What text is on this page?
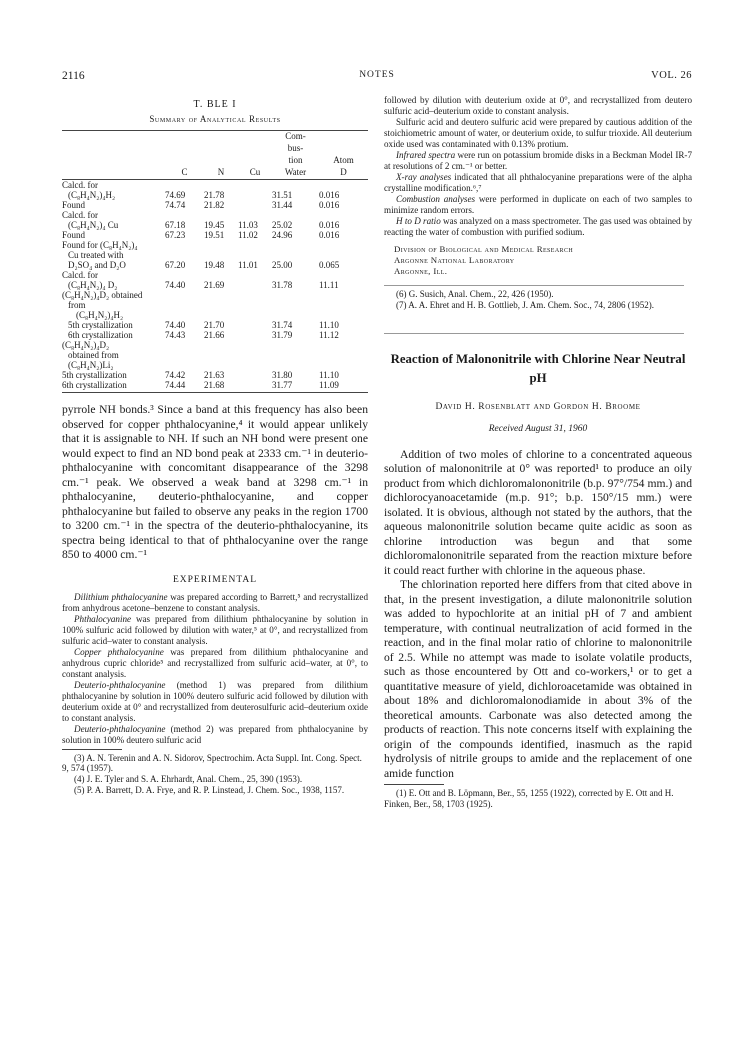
2116	NOTES	VOL. 26
T. BLE I
Summary of Analytical Results
				Com-	
				bus-	
				tion	Atom
	C	N	Cu	Water	D
Calcd. for					
(C₈H₄N₂)₄H₂	74.69	21.78		31.51	0.016
Found	74.74	21.82		31.44	0.016
Calcd. for					
(C₈H₄N₂)₄ Cu	67.18	19.45	11.03	25.02	0.016
Found	67.23	19.51	11.02	24.96	0.016
Found for (C₈H₄N₂)₄					
Cu treated with					
D₂SO₄ and D₂O	67.20	19.48	11.01	25.00	0.065
Calcd. for					
(C₈H₄N₂)₄ D₂	74.40	21.69		31.78	11.11
(C₈H₄N₂)₄D₂ obtained					
from					
(C₈H₄N₂)₄H₂					
5th crystallization	74.40	21.70		31.74	11.10
6th crystallization	74.43	21.66		31.79	11.12
(C₈H₄N₂)₄D₂					
obtained from					
(C₈H₄N₂)Li₂					
5th crystallization	74.42	21.63		31.80	11.10
6th crystallization	74.44	21.68		31.77	11.09

pyrrole NH bonds.³ Since a band at this frequency has also been observed for copper phthalocyanine,⁴ it would appear unlikely that it is assignable to NH. If such an NH bond were present one would expect to find an ND bond peak at 2333 cm.⁻¹ in deuterio-phthalocyanine with concomitant disappearance of the 3298 cm.⁻¹ peak. We observed a weak band at 3298 cm.⁻¹ in phthalocyanine, deuterio-phthalocyanine, and copper phthalocyanine but failed to observe any peaks in the region 1700 to 3200 cm.⁻¹ in the spectra of the deuterio-phthalocyanine, its spectra being identical to that of phthalocyanine over the range 850 to 4000 cm.⁻¹

EXPERIMENTAL

Dilithium phthalocyanine was prepared according to Barrett,⁵ and recrystallized from anhydrous acetone–benzene to constant analysis.

Phthalocyanine was prepared from dilithium phthalocyanine by solution in 100% sulfuric acid followed by dilution with water,⁵ at 0°, and recrystallized from sulfuric acid–water to constant analysis.

Copper phthalocyanine was prepared from dilithium phthalocyanine and anhydrous cupric chloride⁵ and recrystallized from sulfuric acid–water, at 0°, to constant analysis.

Deuterio-phthalocyanine (method 1) was prepared from dilithium phthalocyanine by solution in 100% deutero sulfuric acid followed by dilution with deuterium oxide at 0° and recrystallized from deuterosulfuric acid–deuterium oxide to constant analysis.

Deuterio-phthalocyanine (method 2) was prepared from phthalocyanine by solution in 100% deutero sulfuric acid

(3) A. N. Terenin and A. N. Sidorov, Spectrochim. Acta Suppl. Int. Cong. Spect. 9, 574 (1957).

(4) J. E. Tyler and S. A. Ehrhardt, Anal. Chem., 25, 390 (1953).

(5) P. A. Barrett, D. A. Frye, and R. P. Linstead, J. Chem. Soc., 1938, 1157.

followed by dilution with deuterium oxide at 0°, and recrystallized from deutero sulfuric acid–deuterium oxide to constant analysis.

Sulfuric acid and deutero sulfuric acid were prepared by cautious addition of the stoichiometric amount of water, or deuterium oxide, to sulfur trioxide. All deuterium oxide used was contaminated with 0.13% protium.

Infrared spectra were run on potassium bromide disks in a Beckman Model IR-7 at resolutions of 2 cm.⁻¹ or better.

X-ray analyses indicated that all phthalocyanine preparations were of the alpha crystalline modification.⁶,⁷

Combustion analyses were performed in duplicate on each of two samples to minimize random errors.

H to D ratio was analyzed on a mass spectrometer. The gas used was obtained by reacting the water of combustion with purified sodium.

Division of Biological and Medical Research
Argonne National Laboratory
Argonne, Ill.

(6) G. Susich, Anal. Chem., 22, 426 (1950).

(7) A. A. Ehret and H. B. Gottlieb, J. Am. Chem. Soc., 74, 2806 (1952).

Reaction of Malononitrile with Chlorine Near Neutral pH

David H. Rosenblatt and Gordon H. Broome

Received August 31, 1960

Addition of two moles of chlorine to a concentrated aqueous solution of malononitrile at 0° was reported¹ to produce an oily product from which dichloromalononitrile (b.p. 97°/754 mm.) and dichlorocyanoacetamide (m.p. 91°; b.p. 150°/15 mm.) were isolated. It is obvious, although not stated by the authors, that the aqueous malononitrile solution became quite acidic as soon as chlorine introduction was begun and that some dichloromalononitrile separated from the reaction mixture before it could react further with chlorine in the aqueous phase.

The chlorination reported here differs from that cited above in that, in the present investigation, a dilute malononitrile solution was added to hypochlorite at an initial pH of 7 and ambient temperature, with continual neutralization of acid formed in the reaction, and in the final molar ratio of chlorine to malononitrile of 2.5. While no attempt was made to isolate volatile products, such as those encountered by Ott and co-workers,¹ or to get a quantitative measure of yield, dichloroacetamide was obtained in about 18% and dichloromalonodiamide in about 3% of the theoretical amounts. Carbonate was also detected among the products of reaction. This note concerns itself with explaining the origin of the compounds identified, inasmuch as the rapid hydrolysis of nitrile groups to amide and the replacement of one amide function

(1) E. Ott and B. Löpmann, Ber., 55, 1255 (1922), corrected by E. Ott and H. Finken, Ber., 58, 1703 (1925).
